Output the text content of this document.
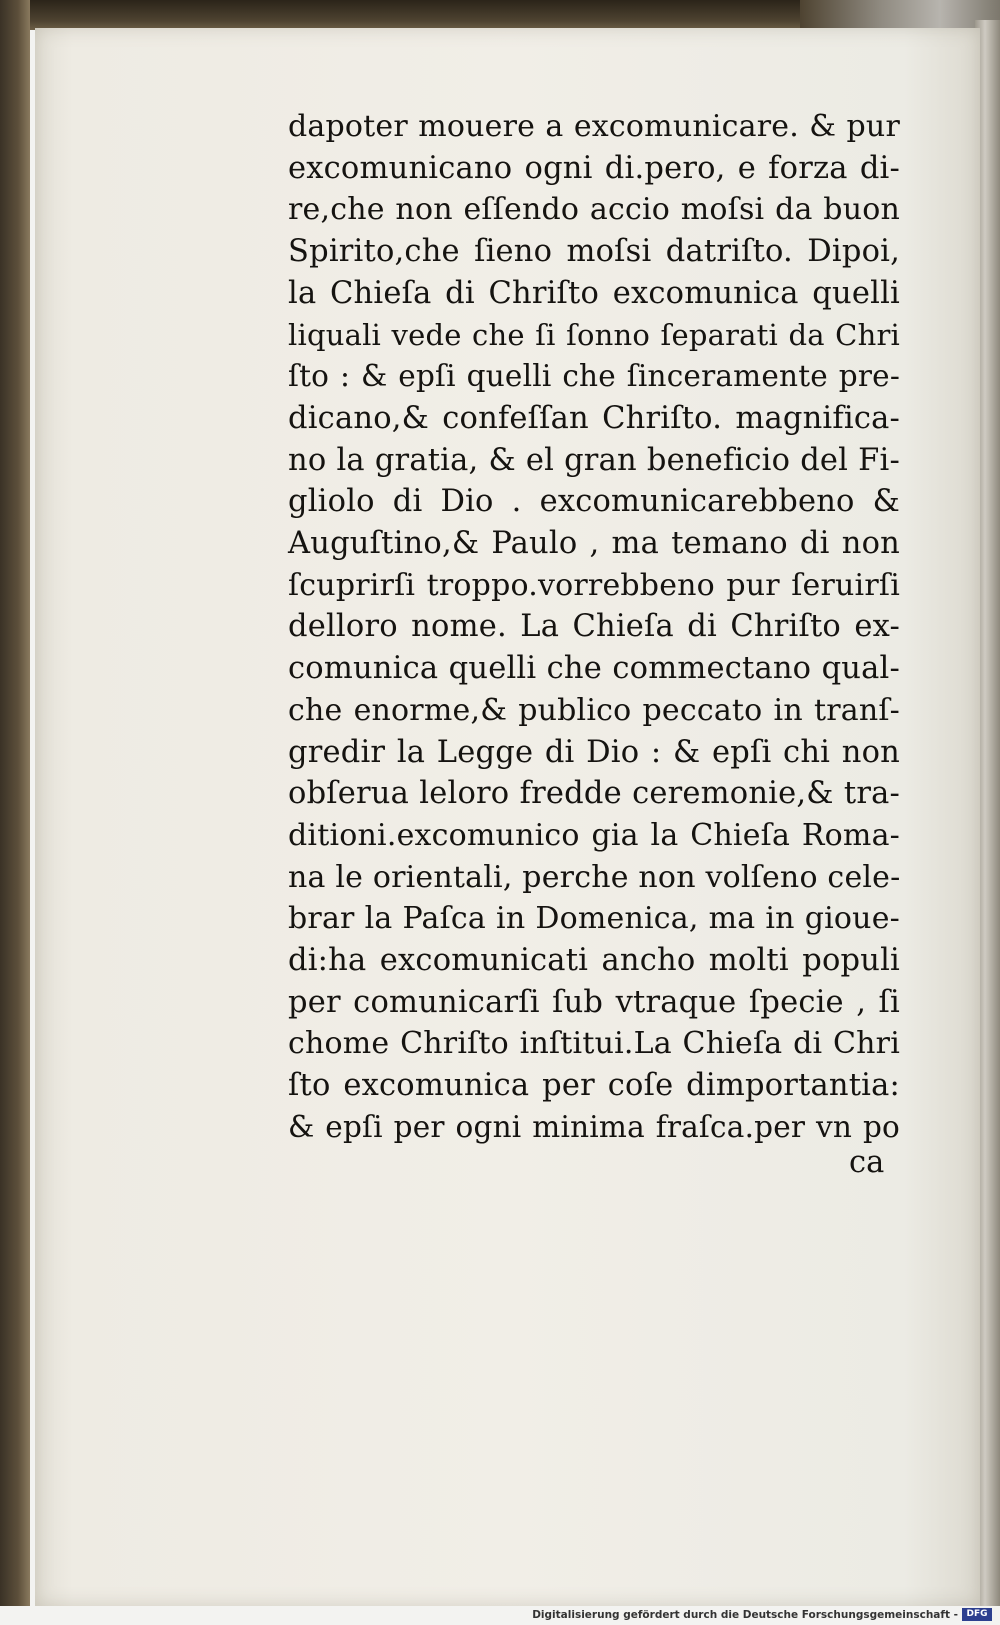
dapoter mouere a excomunicare. & pur
excomunicano ogni di.pero, e forza di-
re,che non eſſendo accio moſsi da buon
Spirito,che ſieno moſsi datriſto. Dipoi,
la Chieſa di Chriſto excomunica quelli
liquali vede che ſi ſonno ſeparati da Chri
ſto : & epſi quelli che ſinceramente pre-
dicano,& confeſſan Chriſto. magnifica-
no la gratia, & el gran beneficio del Fi-
gliolo di Dio . excomunicarebbeno &
Auguſtino,& Paulo , ma temano di non
ſcuprirſi troppo.vorrebbeno pur ſeruirſi
delloro nome. La Chieſa di Chriſto ex-
comunica quelli che commectano qual-
che enorme,& publico peccato in tranſ-
gredir la Legge di Dio : & epſi chi non
obſerua leloro fredde ceremonie,& tra-
ditioni.excomunico gia la Chieſa Roma-
na le orientali, perche non volſeno cele-
brar la Paſca in Domenica, ma in gioue-
di:ha excomunicati ancho molti populi
per comunicarſi ſub vtraque ſpecie , ſi
chome Chriſto inſtitui.La Chieſa di Chri
ſto excomunica per coſe dimportantia:
& epſi per ogni minima fraſca.per vn po
ca
Digitalisierung gefördert durch die Deutsche Forschungsgemeinschaft - DFG
